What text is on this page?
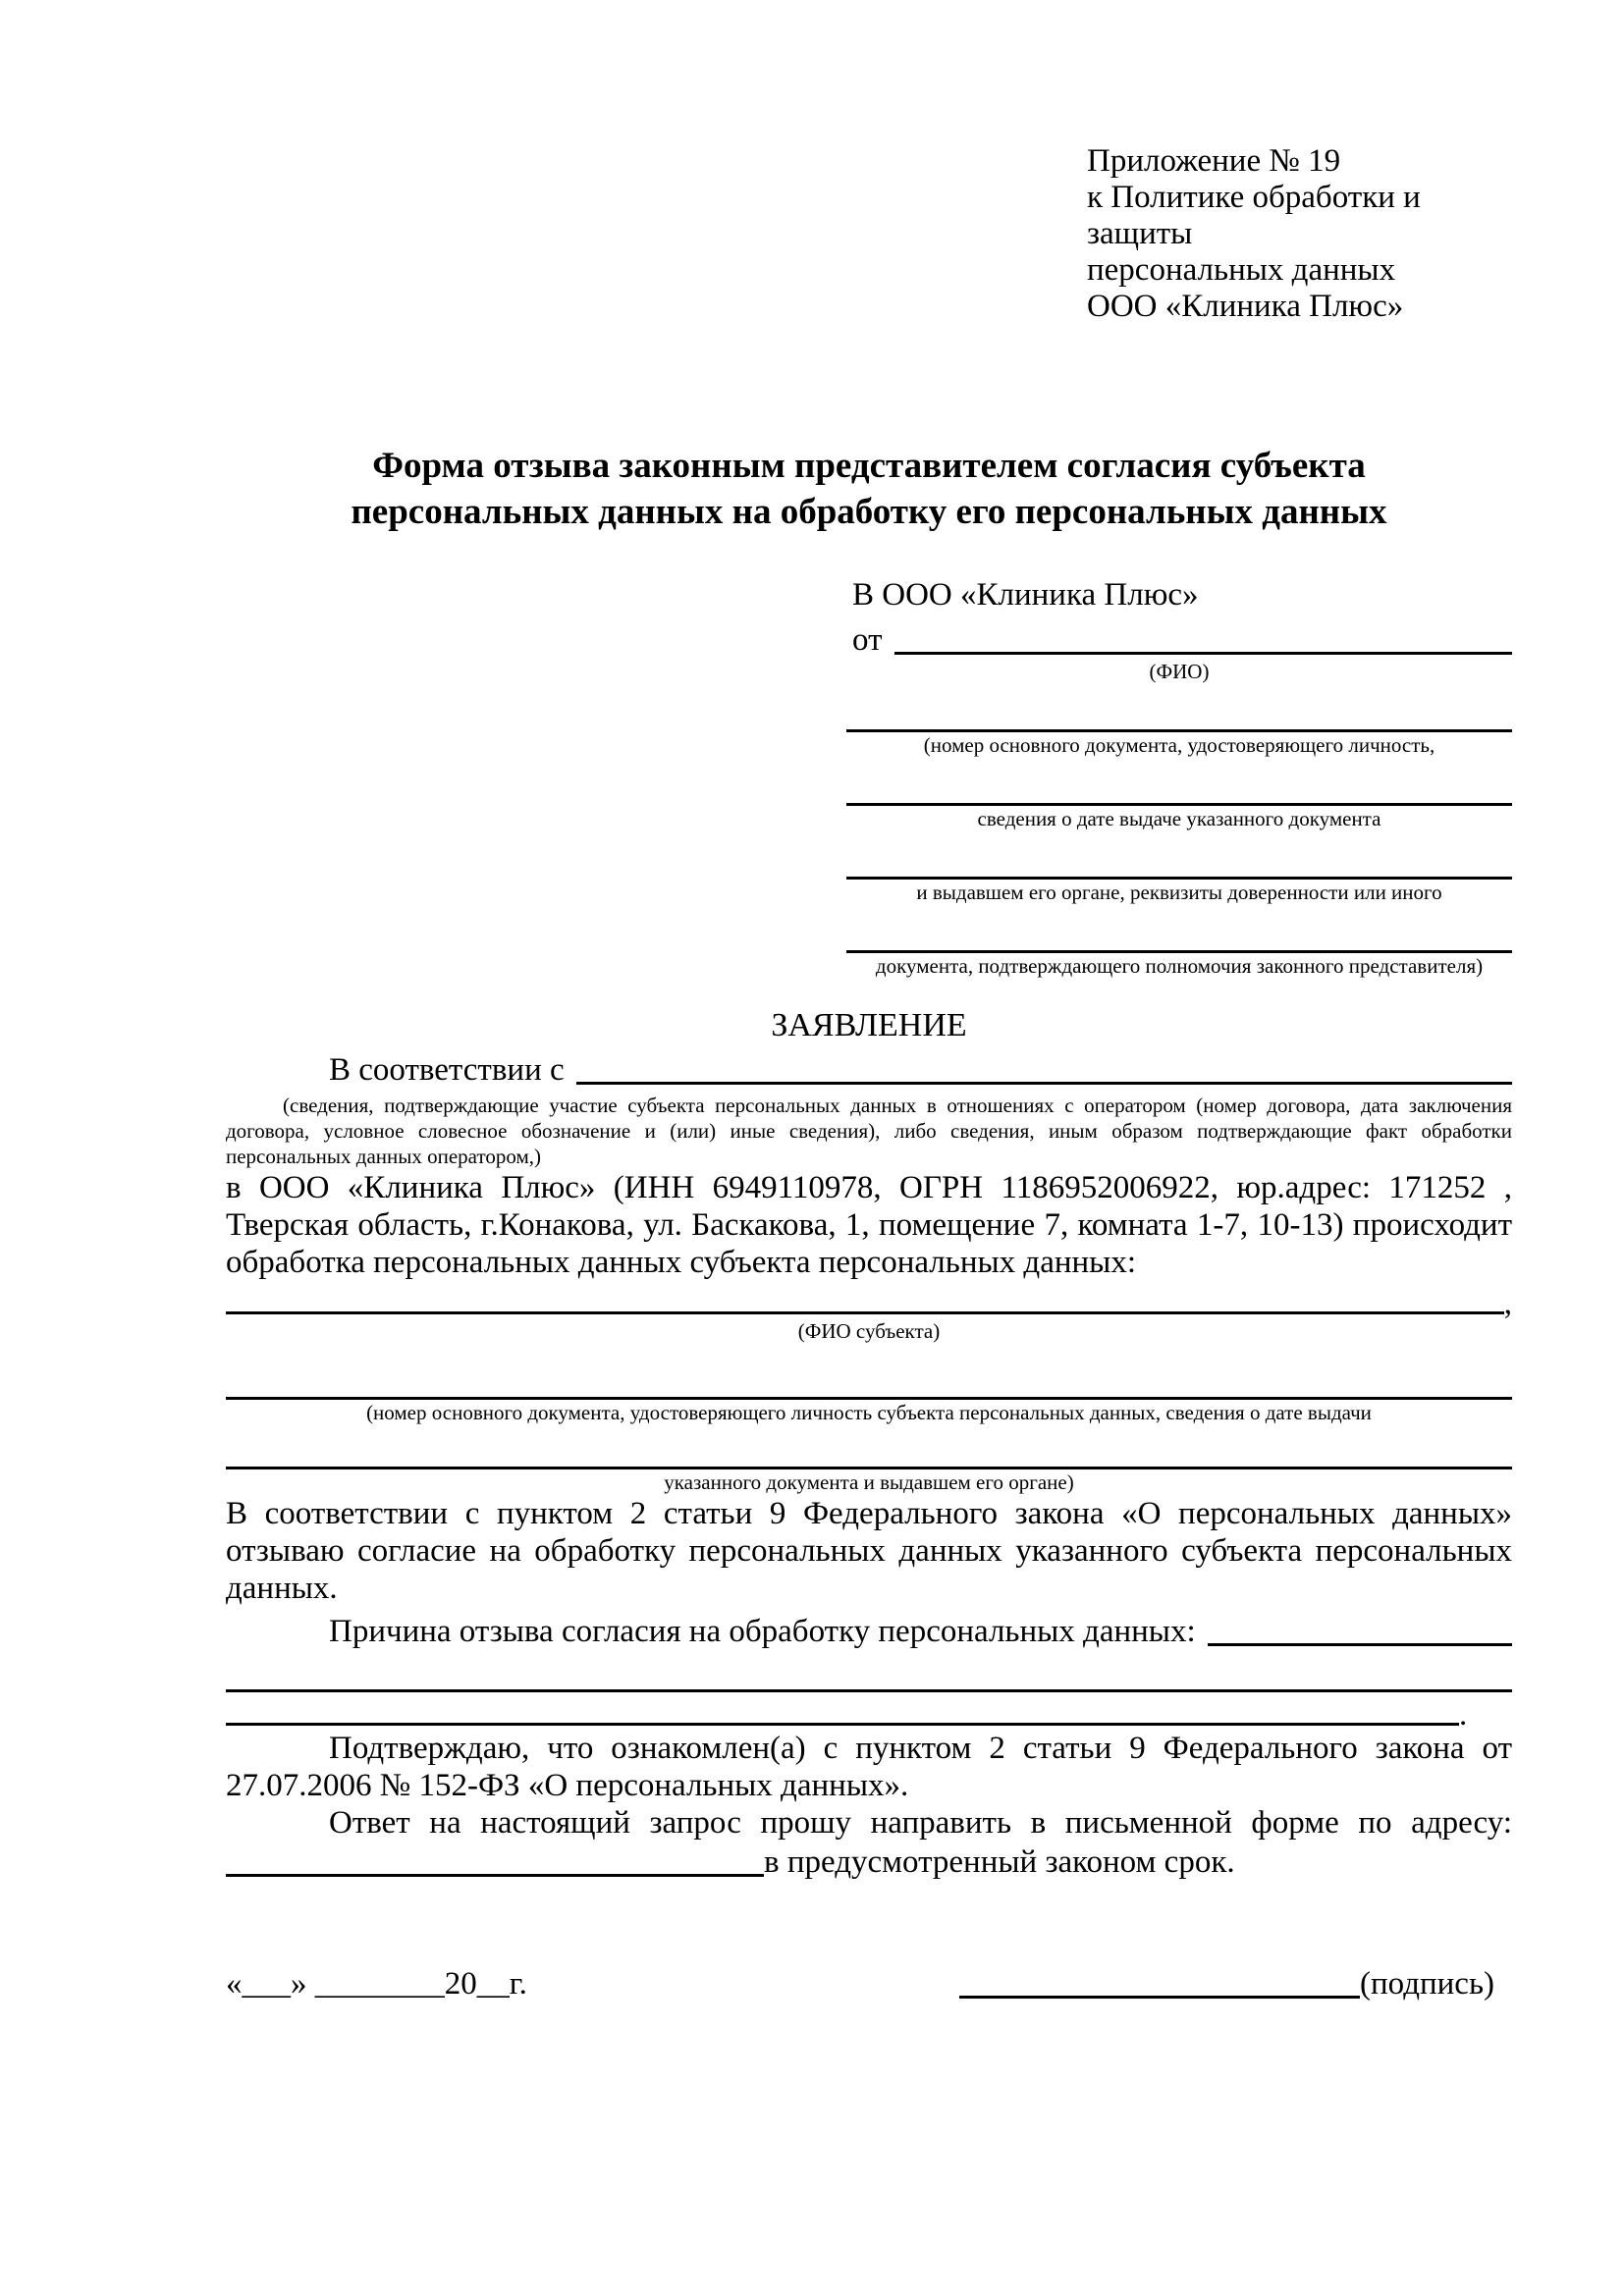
Приложение № 19
к Политике обработки и защиты
персональных данных
ООО «Клиника Плюс»
Форма отзыва законным представителем согласия субъекта
персональных данных на обработку его персональных данных
В ООО «Клиника Плюс»
от
(ФИО)
(номер основного документа, удостоверяющего личность,
сведения о дате выдаче указанного документа
и выдавшем его органе, реквизиты доверенности или иного
документа, подтверждающего полномочия законного представителя)
ЗАЯВЛЕНИЕ
В соответствии с

(сведения, подтверждающие участие субъекта персональных данных в отношениях с оператором (номер договора, дата заключения договора, условное словесное обозначение и (или) иные сведения), либо сведения, иным образом подтверждающие факт обработки персональных данных оператором,)

в ООО «Клиника Плюс» (ИНН 6949110978, ОГРН 1186952006922, юр.адрес: 171252 , Тверская область, г.Конакова, ул. Баскакова, 1, помещение 7, комната 1-7, 10-13) происходит обработка персональных данных субъекта персональных данных:

,
(ФИО субъекта)
(номер основного документа, удостоверяющего личность субъекта персональных данных, сведения о дате выдачи
указанного документа и выдавшем его органе)

В соответствии с пунктом 2 статьи 9 Федерального закона «О персональных данных» отзываю согласие на обработку персональных данных указанного субъекта персональных данных.

Причина отзыва согласия на обработку персональных данных:
.

Подтверждаю, что ознакомлен(а) с пунктом 2 статьи 9 Федерального закона от 27.07.2006 № 152-ФЗ «О персональных данных».

Ответ на настоящий запрос прошу направить в письменной форме по адресу:

в предусмотренный законом срок.
«___» ________20__г.	(подпись)
